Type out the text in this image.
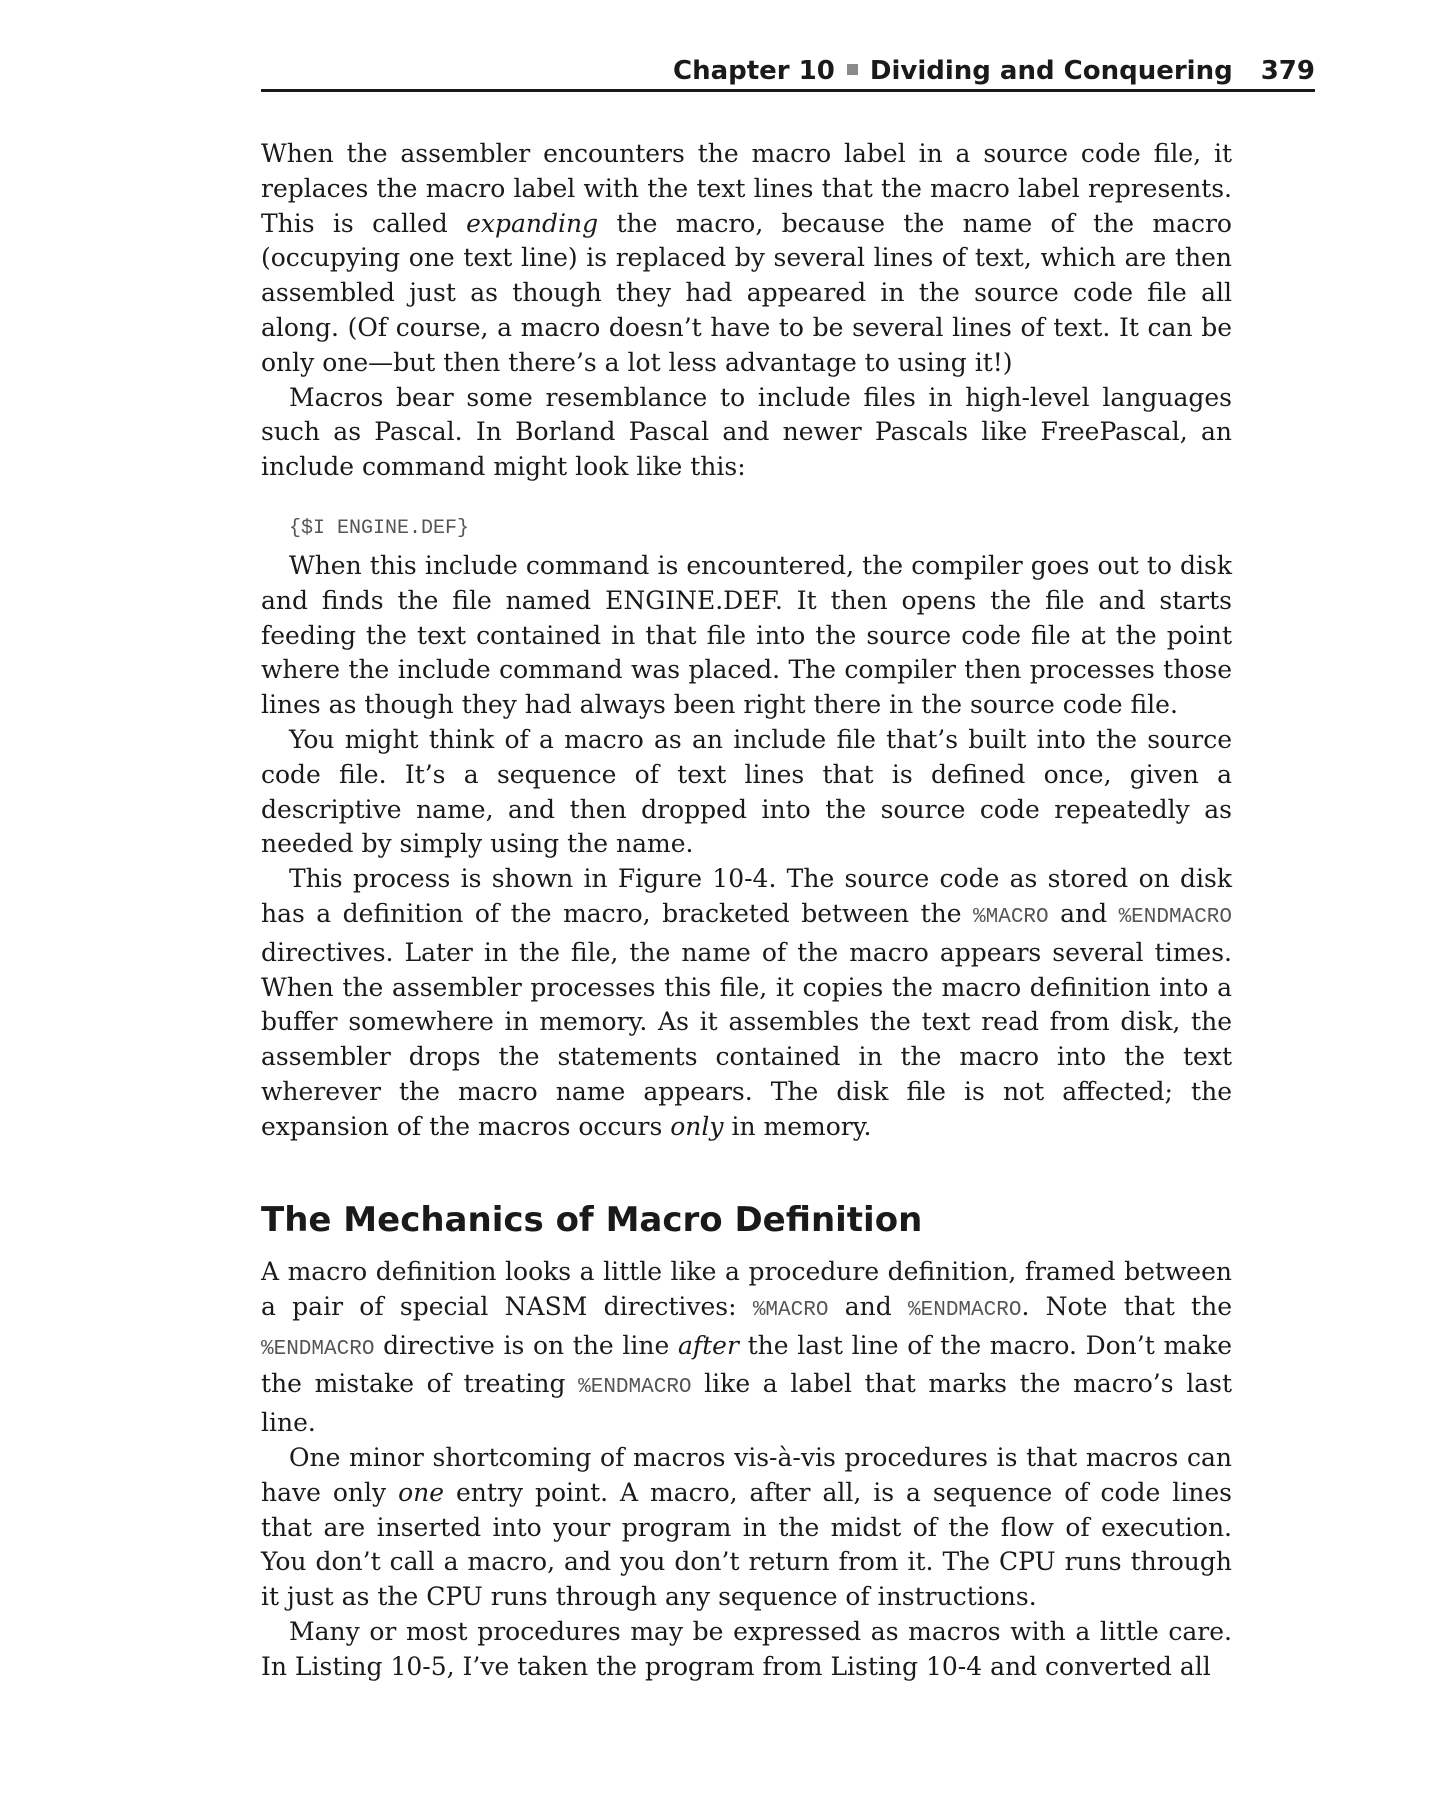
Chapter 10 Dividing and Conquering 379

When the assembler encounters the macro label in a source code file, it replaces the macro label with the text lines that the macro label represents. This is called expanding the macro, because the name of the macro (occupying one text line) is replaced by several lines of text, which are then assembled just as though they had appeared in the source code file all along. (Of course, a macro doesn’t have to be several lines of text. It can be only one—but then there’s a lot less advantage to using it!)

Macros bear some resemblance to include files in high-level languages such as Pascal. In Borland Pascal and newer Pascals like FreePascal, an include command might look like this:

{$I ENGINE.DEF}

When this include command is encountered, the compiler goes out to disk and finds the file named ENGINE.DEF. It then opens the file and starts feeding the text contained in that file into the source code file at the point where the include command was placed. The compiler then processes those lines as though they had always been right there in the source code file.

You might think of a macro as an include file that’s built into the source code file. It’s a sequence of text lines that is defined once, given a descriptive name, and then dropped into the source code repeatedly as needed by simply using the name.

This process is shown in Figure 10-4. The source code as stored on disk has a definition of the macro, bracketed between the %MACRO and %ENDMACRO directives. Later in the file, the name of the macro appears several times. When the assembler processes this file, it copies the macro definition into a buffer somewhere in memory. As it assembles the text read from disk, the assembler drops the statements contained in the macro into the text wherever the macro name appears. The disk file is not affected; the expansion of the macros occurs only in memory.

The Mechanics of Macro Definition

A macro definition looks a little like a procedure definition, framed between a pair of special NASM directives: %MACRO and %ENDMACRO. Note that the %ENDMACRO directive is on the line after the last line of the macro. Don’t make the mistake of treating %ENDMACRO like a label that marks the macro’s last line.

One minor shortcoming of macros vis-à-vis procedures is that macros can have only one entry point. A macro, after all, is a sequence of code lines that are inserted into your program in the midst of the flow of execution. You don’t call a macro, and you don’t return from it. The CPU runs through it just as the CPU runs through any sequence of instructions.

Many or most procedures may be expressed as macros with a little care. In Listing 10-5, I’ve taken the program from Listing 10-4 and converted all
